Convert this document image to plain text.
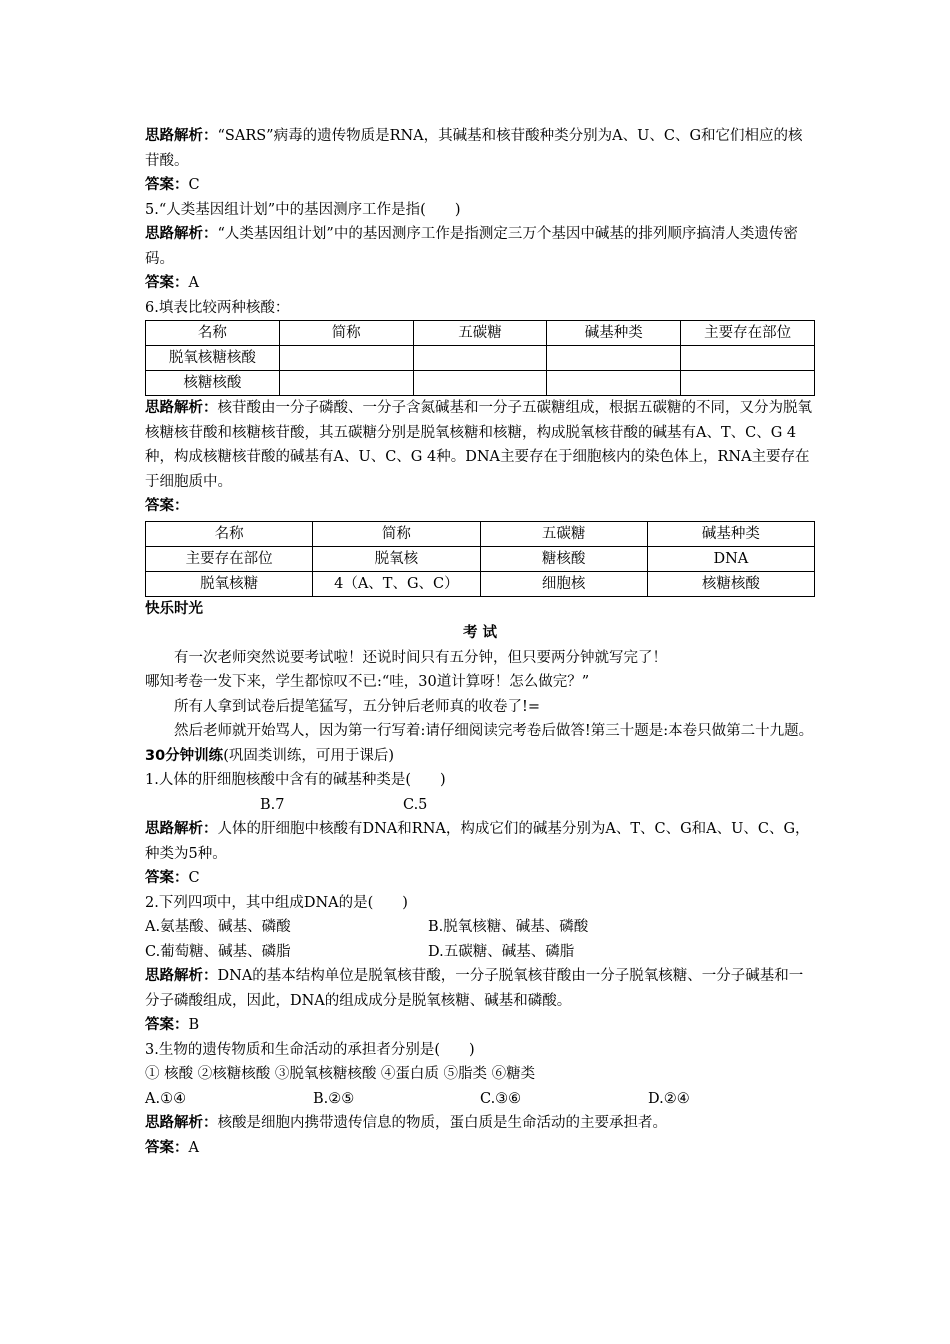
思路解析：“SARS”病毒的遗传物质是RNA，其碱基和核苷酸种类分别为A、U、C、G和它们相应的核苷酸。

答案：C

5.“人类基因组计划”中的基因测序工作是指(　　)

思路解析：“人类基因组计划”中的基因测序工作是指测定三万个基因中碱基的排列顺序搞清人类遗传密码。

答案：A

6.填表比较两种核酸：

名称	简称	五碳糖	碱基种类	主要存在部位
脱氧核糖核酸				
核糖核酸				

思路解析：核苷酸由一分子磷酸、一分子含氮碱基和一分子五碳糖组成，根据五碳糖的不同，又分为脱氧核糖核苷酸和核糖核苷酸，其五碳糖分别是脱氧核糖和核糖，构成脱氧核苷酸的碱基有A、T、C、G 4种，构成核糖核苷酸的碱基有A、U、C、G 4种。DNA主要存在于细胞核内的染色体上，RNA主要存在于细胞质中。

答案：

名称	简称	五碳糖	碱基种类
主要存在部位	脱氧核	糖核酸	DNA
脱氧核糖	4（A、T、G、C）	细胞核	核糖核酸

快乐时光

考 试

有一次老师突然说要考试啦！还说时间只有五分钟，但只要两分钟就写完了！

哪知考卷一发下来，学生都惊叹不已:“哇，30道计算呀！怎么做完？”

所有人拿到试卷后提笔猛写，五分钟后老师真的收卷了!=

然后老师就开始骂人，因为第一行写着:请仔细阅读完考卷后做答!第三十题是:本卷只做第二十九题。

30分钟训练(巩固类训练，可用于课后)

1.人体的肝细胞核酸中含有的碱基种类是(　　)

B.7	C.5

思路解析：人体的肝细胞中核酸有DNA和RNA，构成它们的碱基分别为A、T、C、G和A、U、C、G，种类为5种。

答案：C

2.下列四项中，其中组成DNA的是(　　)

A.氨基酸、碱基、磷酸	B.脱氧核糖、碱基、磷酸
C.葡萄糖、碱基、磷脂	D.五碳糖、碱基、磷脂

思路解析：DNA的基本结构单位是脱氧核苷酸，一分子脱氧核苷酸由一分子脱氧核糖、一分子碱基和一分子磷酸组成，因此，DNA的组成成分是脱氧核糖、碱基和磷酸。

答案：B

3.生物的遗传物质和生命活动的承担者分别是(　　)

① 核酸 ②核糖核酸 ③脱氧核糖核酸 ④蛋白质 ⑤脂类 ⑥糖类

A.①④	B.②⑤	C.③⑥	D.②④

思路解析：核酸是细胞内携带遗传信息的物质，蛋白质是生命活动的主要承担者。

答案：A
